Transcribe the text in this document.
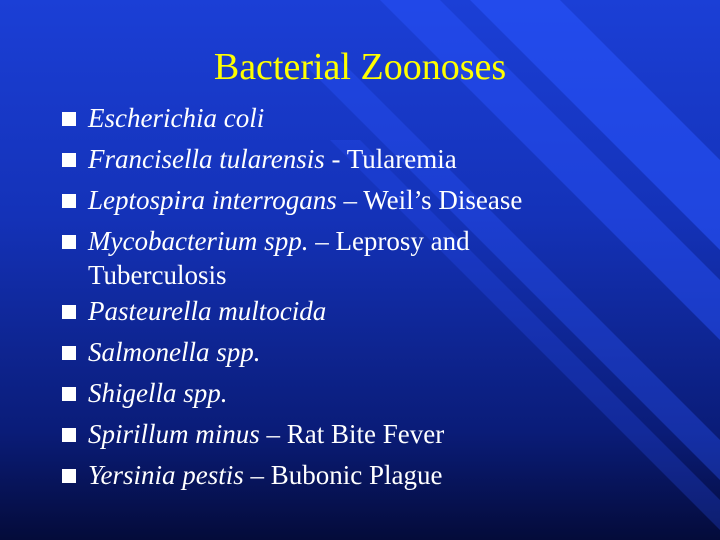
Bacterial Zoonoses
Escherichia coli
Francisella tularensis - Tularemia
Leptospira interrogans – Weil’s Disease
Mycobacterium spp. – Leprosy and
Tuberculosis
Pasteurella multocida
Salmonella spp.
Shigella spp.
Spirillum minus – Rat Bite Fever
Yersinia pestis – Bubonic Plague
